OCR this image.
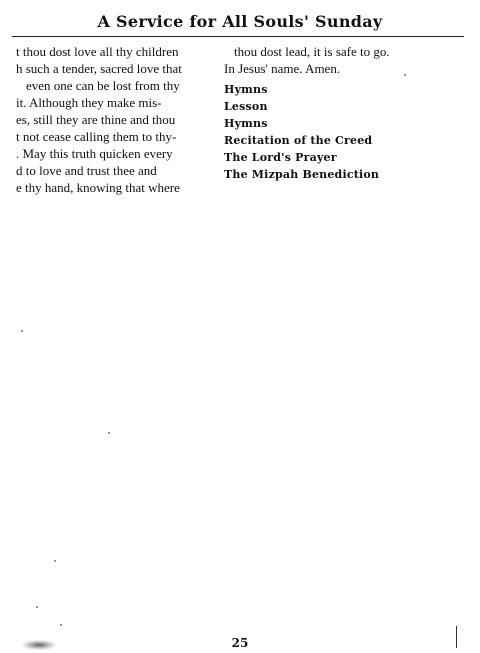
A Service for All Souls' Sunday
t thou dost love all thy children
h such a tender, sacred love that
even one can be lost from thy
it. Although they make mis-
es, still they are thine and thou
t not cease calling them to thy-
. May this truth quicken every
d to love and trust thee and
e thy hand, knowing that where
thou dost lead, it is safe to go.
In Jesus' name. Amen.
Hymns
Lesson
Hymns
Recitation of the Creed
The Lord's Prayer
The Mizpah Benediction
25
